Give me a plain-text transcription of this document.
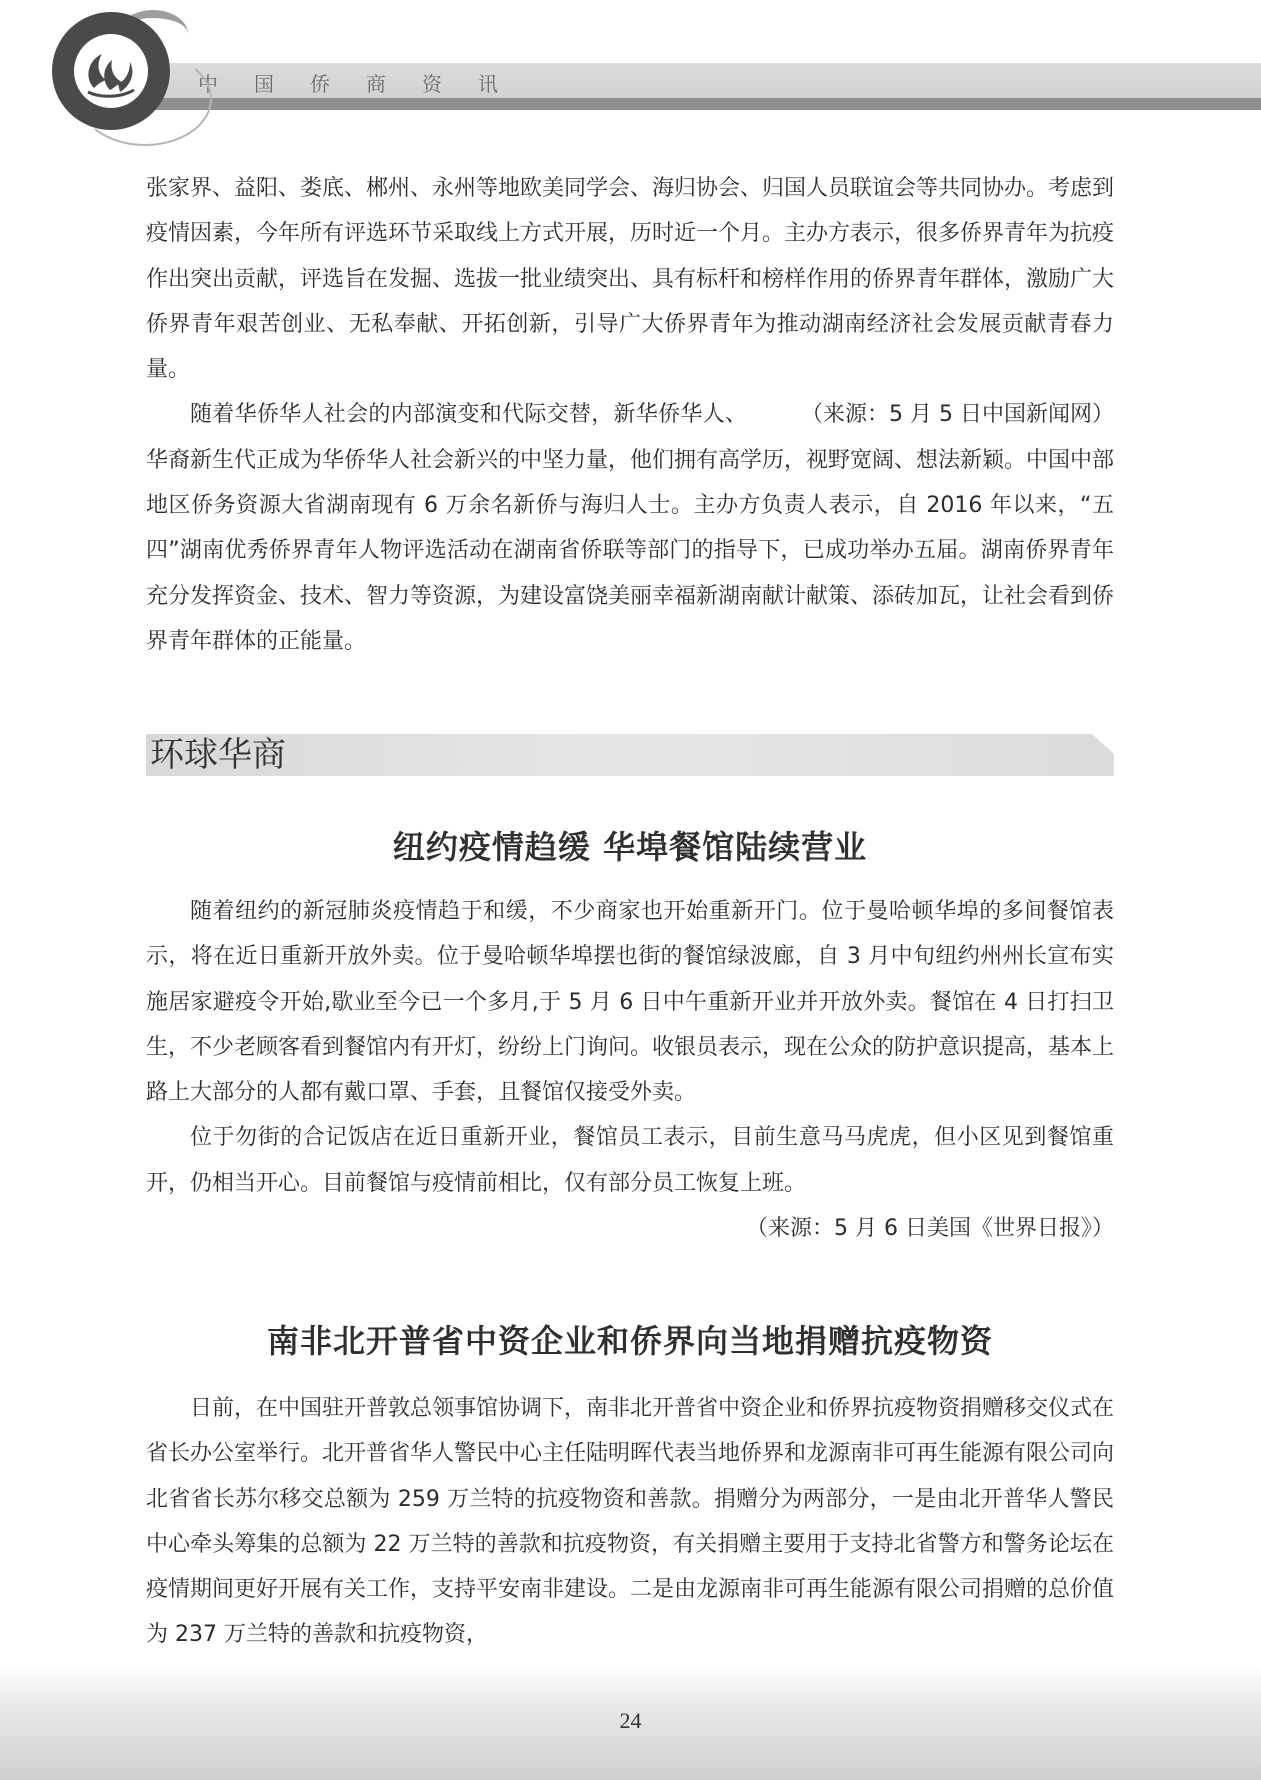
中国侨商资讯

张家界、益阳、娄底、郴州、永州等地欧美同学会、海归协会、归国人员联谊会等共同协办。考虑到疫情因素，今年所有评选环节采取线上方式开展，历时近一个月。主办方表示，很多侨界青年为抗疫作出突出贡献，评选旨在发掘、选拔一批业绩突出、具有标杆和榜样作用的侨界青年群体，激励广大侨界青年艰苦创业、无私奉献、开拓创新，引导广大侨界青年为推动湖南经济社会发展贡献青春力量。

（来源：5 月 5 日中国新闻网）
随着华侨华人社会的内部演变和代际交替，新华侨华人、华裔新生代正成为华侨华人社会新兴的中坚力量，他们拥有高学历，视野宽阔、想法新颖。中国中部地区侨务资源大省湖南现有 6 万余名新侨与海归人士。主办方负责人表示，自 2016 年以来，“五四”湖南优秀侨界青年人物评选活动在湖南省侨联等部门的指导下，已成功举办五届。湖南侨界青年充分发挥资金、技术、智力等资源，为建设富饶美丽幸福新湖南献计献策、添砖加瓦，让社会看到侨界青年群体的正能量。

环球华商
纽约疫情趋缓 华埠餐馆陆续营业

随着纽约的新冠肺炎疫情趋于和缓，不少商家也开始重新开门。位于曼哈顿华埠的多间餐馆表示，将在近日重新开放外卖。位于曼哈顿华埠摆也街的餐馆绿波廊，自 3 月中旬纽约州州长宣布实施居家避疫令开始,歇业至今已一个多月,于 5 月 6 日中午重新开业并开放外卖。餐馆在 4 日打扫卫生，不少老顾客看到餐馆内有开灯，纷纷上门询问。收银员表示，现在公众的防护意识提高，基本上路上大部分的人都有戴口罩、手套，且餐馆仅接受外卖。

位于勿街的合记饭店在近日重新开业，餐馆员工表示，目前生意马马虎虎，但小区见到餐馆重开，仍相当开心。目前餐馆与疫情前相比，仅有部分员工恢复上班。

（来源：5 月 6 日美国《世界日报》）

南非北开普省中资企业和侨界向当地捐赠抗疫物资

日前，在中国驻开普敦总领事馆协调下，南非北开普省中资企业和侨界抗疫物资捐赠移交仪式在省长办公室举行。北开普省华人警民中心主任陆明晖代表当地侨界和龙源南非可再生能源有限公司向北省省长苏尔移交总额为 259 万兰特的抗疫物资和善款。捐赠分为两部分，一是由北开普华人警民中心牵头筹集的总额为 22 万兰特的善款和抗疫物资，有关捐赠主要用于支持北省警方和警务论坛在疫情期间更好开展有关工作，支持平安南非建设。二是由龙源南非可再生能源有限公司捐赠的总价值为 237 万兰特的善款和抗疫物资，

24
